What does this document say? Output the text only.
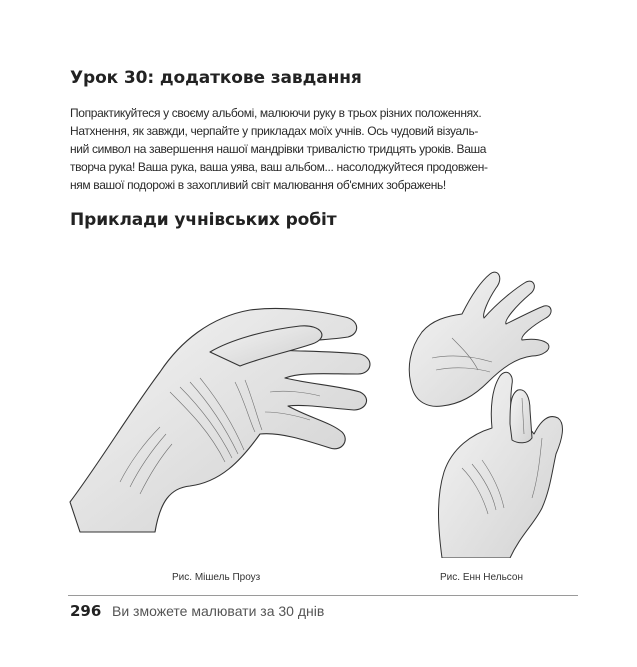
Урок 30: додаткове завдання

Попрактикуйтеся у своєму альбомі, малюючи руку в трьох різних положеннях.
Натхнення, як завжди, черпайте у прикладах моїх учнів. Ось чудовий візуаль-
ний символ на завершення нашої мандрівки тривалістю тридцять уроків. Ваша
творча рука! Ваша рука, ваша уява, ваш альбом... насолоджуйтеся продовжен-
ням вашої подорожі в захопливий світ малювання об'ємних зображень!

Приклади учнівських робіт
Рис. Мішель Проуз	Рис. Енн Нельсон
296 Ви зможете малювати за 30 днів
